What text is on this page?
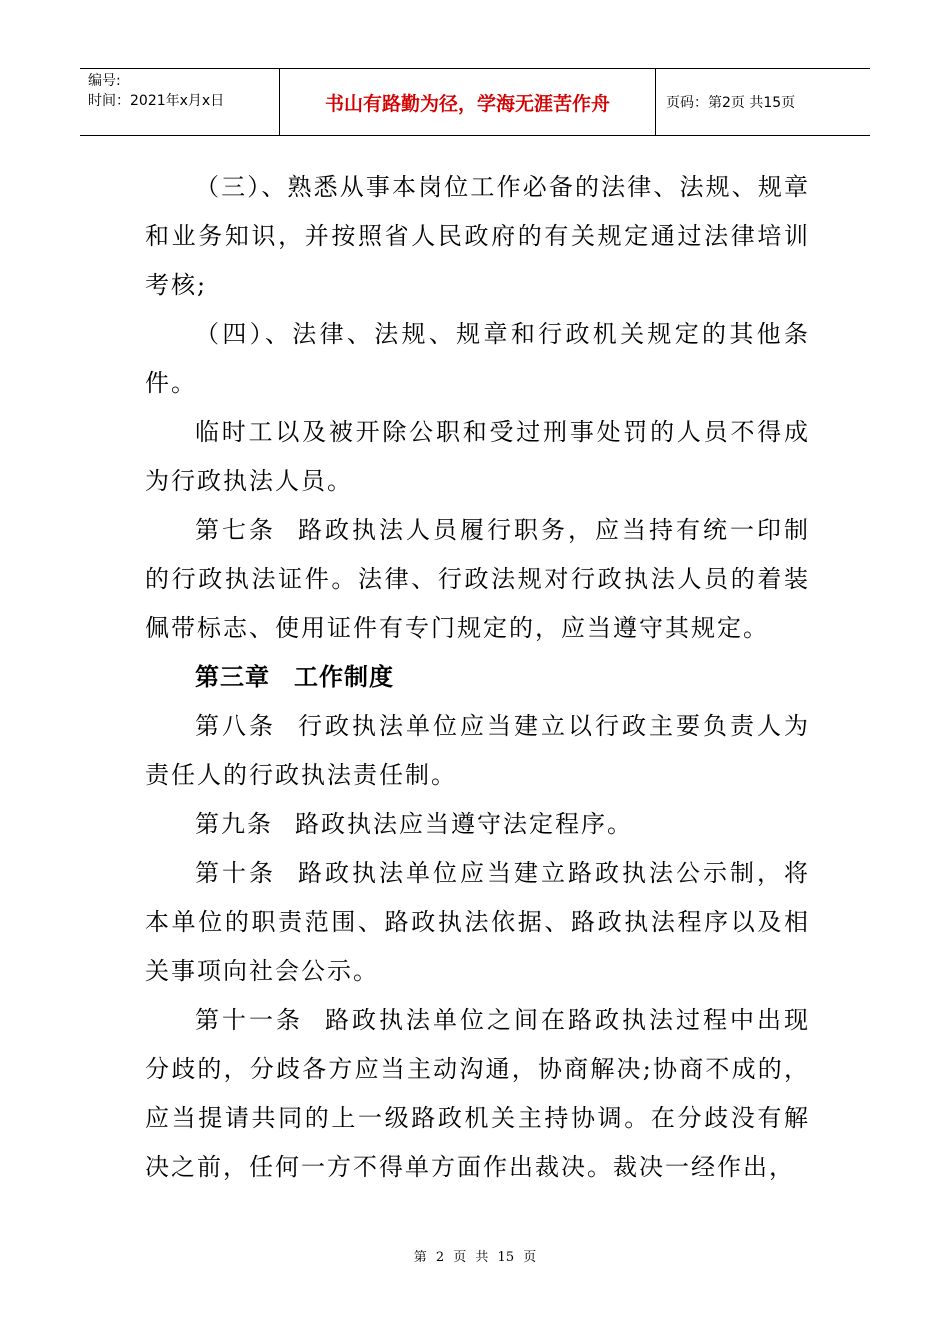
编号:
时间：2021年x月x日	书山有路勤为径，学海无涯苦作舟	页码：第2页 共15页

（三）、熟悉从事本岗位工作必备的法律、法规、规章和业务知识，并按照省人民政府的有关规定通过法律培训考核;

（四）、法律、法规、规章和行政机关规定的其他条件。

临时工以及被开除公职和受过刑事处罚的人员不得成为行政执法人员。

第七条 路政执法人员履行职务，应当持有统一印制的行政执法证件。法律、行政法规对行政执法人员的着装佩带标志、使用证件有专门规定的，应当遵守其规定。

第三章 工作制度

第八条 行政执法单位应当建立以行政主要负责人为责任人的行政执法责任制。

第九条 路政执法应当遵守法定程序。

第十条 路政执法单位应当建立路政执法公示制，将本单位的职责范围、路政执法依据、路政执法程序以及相关事项向社会公示。

第十一条 路政执法单位之间在路政执法过程中出现分歧的，分歧各方应当主动沟通，协商解决;协商不成的，应当提请共同的上一级路政机关主持协调。在分歧没有解决之前，任何一方不得单方面作出裁决。裁决一经作出，

第 2 页 共 15 页
